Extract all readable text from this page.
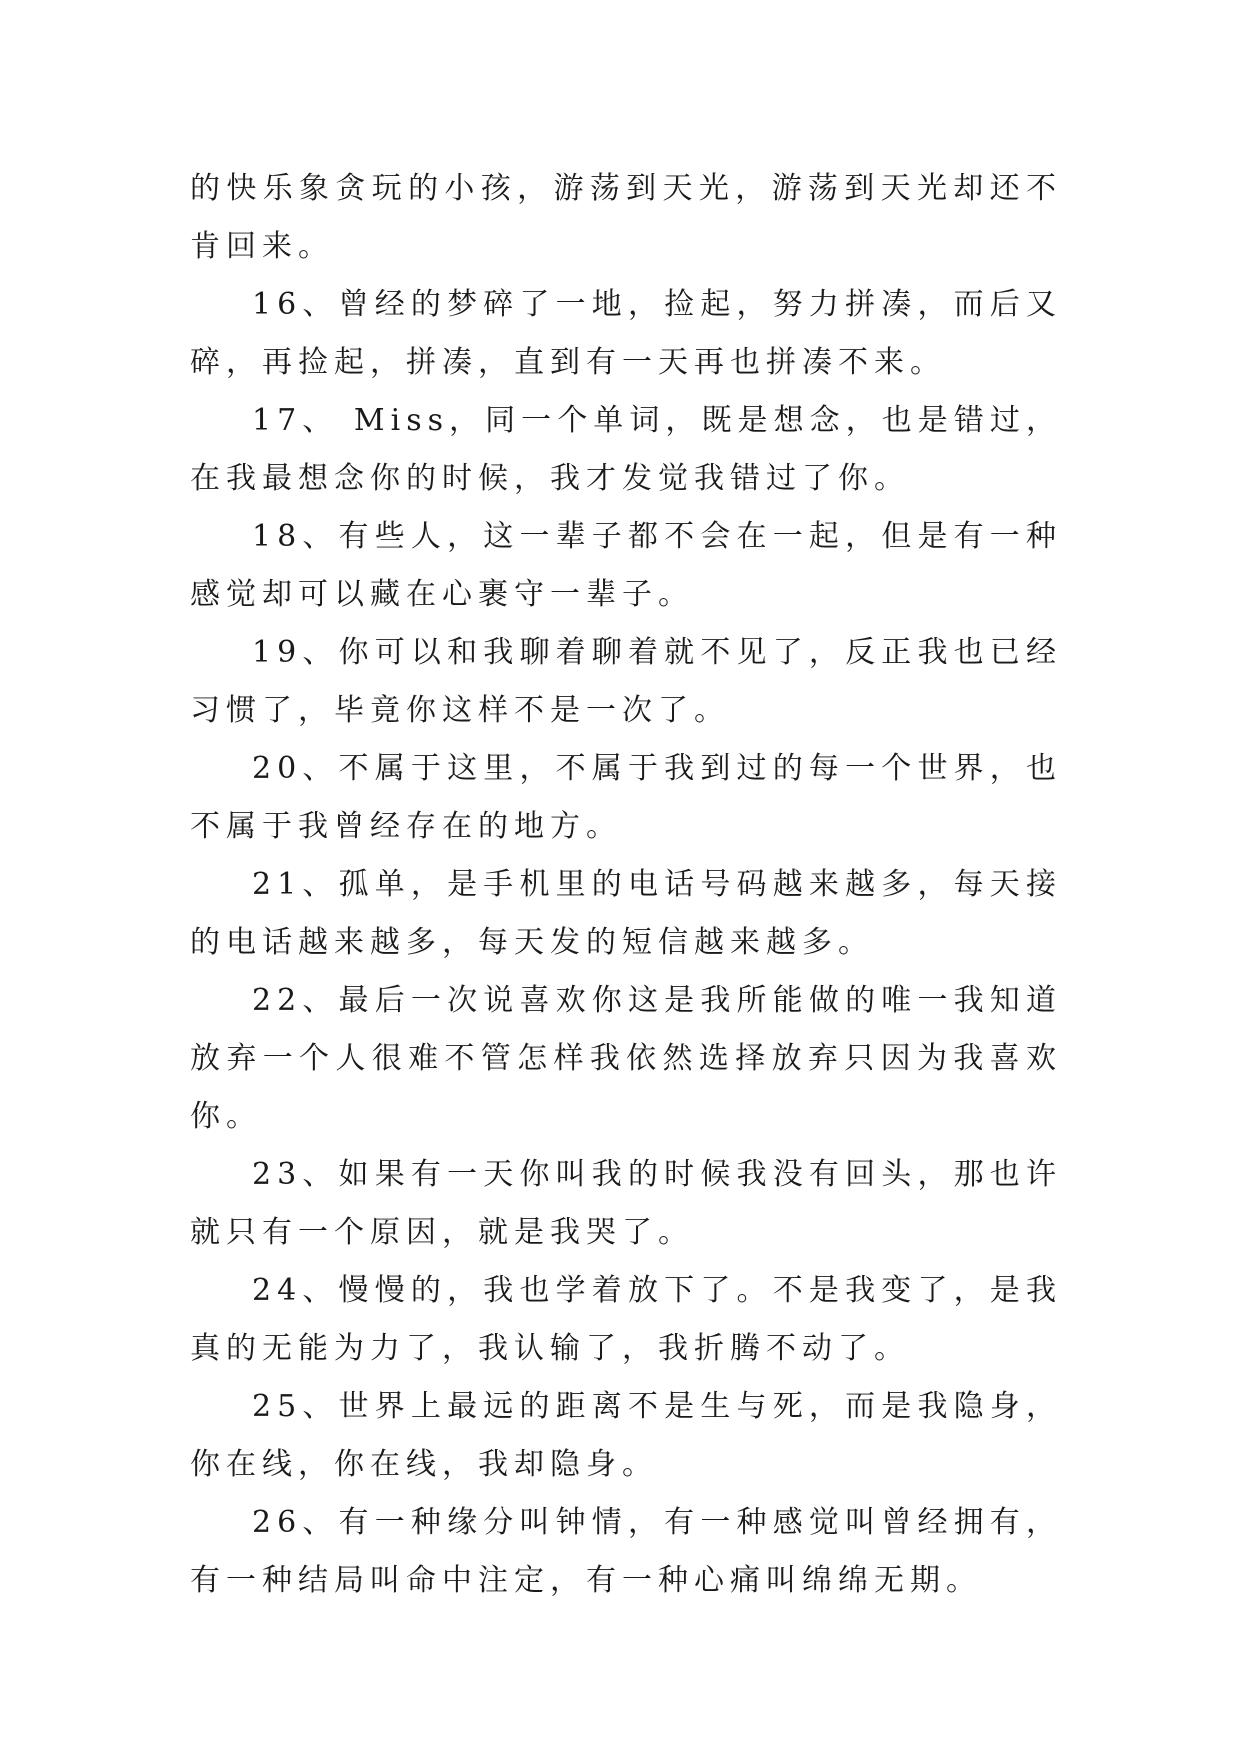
的快乐象贪玩的小孩，游荡到天光，游荡到天光却还不肯回来。

16、曾经的梦碎了一地，捡起，努力拼凑，而后又碎，再捡起，拼凑，直到有一天再也拼凑不来。

17、 Miss，同一个单词，既是想念，也是错过，在我最想念你的时候，我才发觉我错过了你。

18、有些人，这一辈子都不会在一起，但是有一种感觉却可以藏在心裹守一辈子。

19、你可以和我聊着聊着就不见了，反正我也已经习惯了，毕竟你这样不是一次了。

20、不属于这里，不属于我到过的每一个世界，也不属于我曾经存在的地方。

21、孤单，是手机里的电话号码越来越多，每天接的电话越来越多，每天发的短信越来越多。

22、最后一次说喜欢你这是我所能做的唯一我知道放弃一个人很难不管怎样我依然选择放弃只因为我喜欢你。

23、如果有一天你叫我的时候我没有回头，那也许就只有一个原因，就是我哭了。

24、慢慢的，我也学着放下了。不是我变了，是我真的无能为力了，我认输了，我折腾不动了。

25、世界上最远的距离不是生与死，而是我隐身，你在线，你在线，我却隐身。

26、有一种缘分叫钟情，有一种感觉叫曾经拥有，有一种结局叫命中注定，有一种心痛叫绵绵无期。
